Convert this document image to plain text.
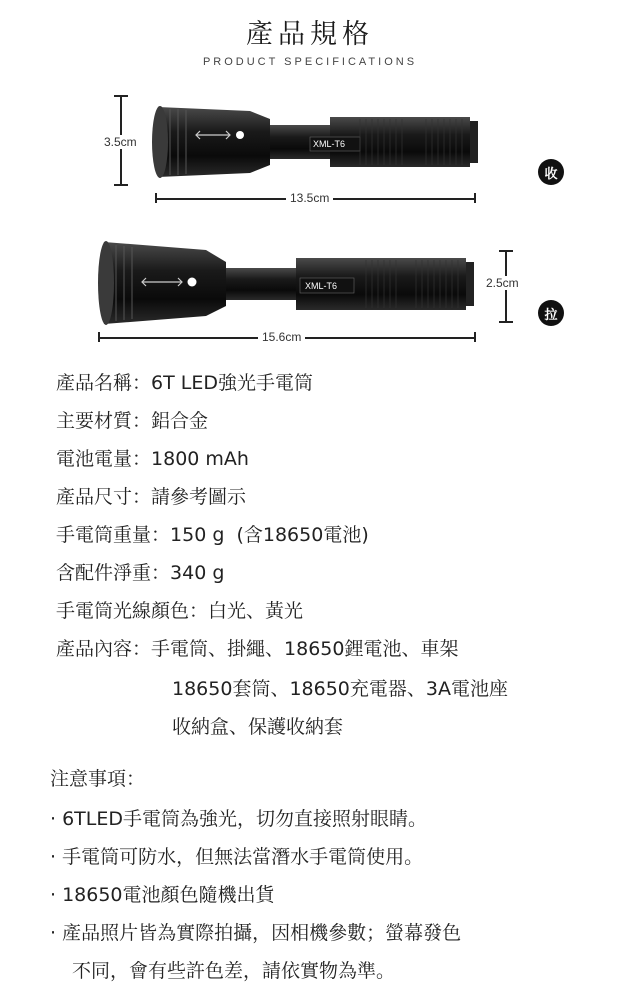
產品規格
PRODUCT SPECIFICATIONS
3.5cm	XML-T6
13.5cm
收
XML-T6	2.5cm
15.6cm
拉
產品名稱：6T LED強光手電筒
主要材質：鋁合金
電池電量：1800 mAh
產品尺寸：請參考圖示
手電筒重量：150 g  (含18650電池)
含配件淨重：340 g
手電筒光線顏色：白光、黃光
產品內容：手電筒、掛繩、18650鋰電池、車架
18650套筒、18650充電器、3A電池座
收納盒、保護收納套
注意事項：
· 6TLED手電筒為強光，切勿直接照射眼睛。
· 手電筒可防水，但無法當潛水手電筒使用。
· 18650電池顏色隨機出貨
· 產品照片皆為實際拍攝，因相機參數；螢幕發色
不同，會有些許色差，請依實物為準。
